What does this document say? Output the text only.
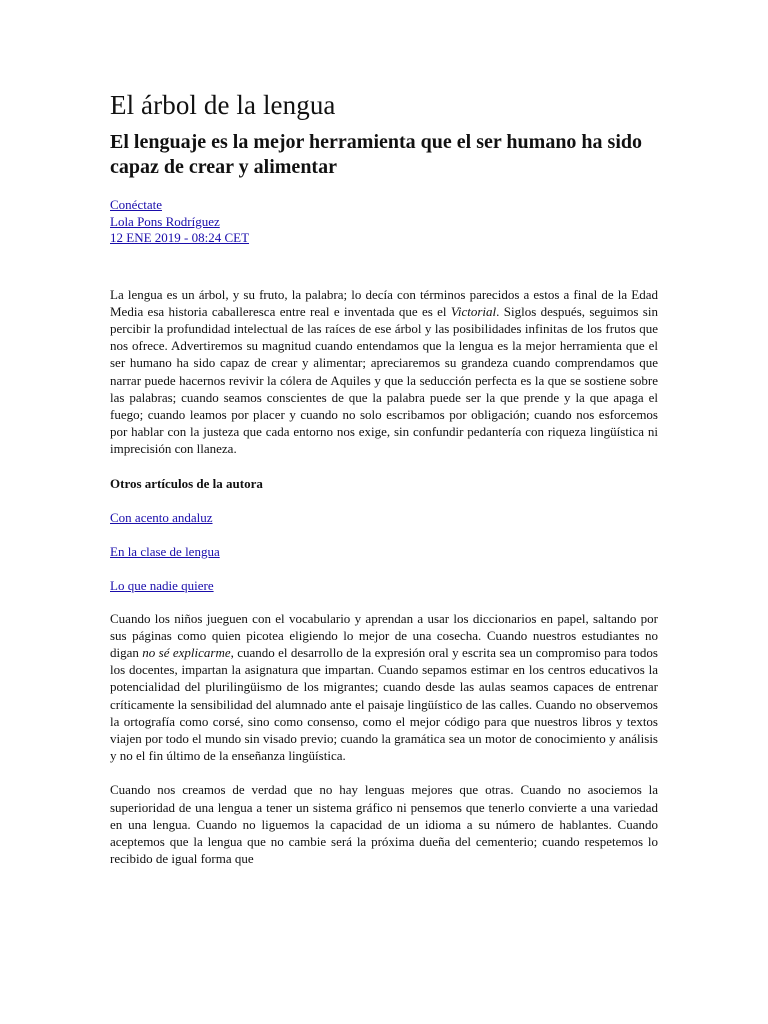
El árbol de la lengua
El lenguaje es la mejor herramienta que el ser humano ha sido capaz de crear y alimentar
Conéctate
Lola Pons Rodríguez
12 ENE 2019 - 08:24 CET

La lengua es un árbol, y su fruto, la palabra; lo decía con términos parecidos a estos a final de la Edad Media esa historia caballeresca entre real e inventada que es el Victorial. Siglos después, seguimos sin percibir la profundidad intelectual de las raíces de ese árbol y las posibilidades infinitas de los frutos que nos ofrece. Advertiremos su magnitud cuando entendamos que la lengua es la mejor herramienta que el ser humano ha sido capaz de crear y alimentar; apreciaremos su grandeza cuando comprendamos que narrar puede hacernos revivir la cólera de Aquiles y que la seducción perfecta es la que se sostiene sobre las palabras; cuando seamos conscientes de que la palabra puede ser la que prende y la que apaga el fuego; cuando leamos por placer y cuando no solo escribamos por obligación; cuando nos esforcemos por hablar con la justeza que cada entorno nos exige, sin confundir pedantería con riqueza lingüística ni imprecisión con llaneza.

Otros artículos de la autora
Con acento andaluz
En la clase de lengua
Lo que nadie quiere

Cuando los niños jueguen con el vocabulario y aprendan a usar los diccionarios en papel, saltando por sus páginas como quien picotea eligiendo lo mejor de una cosecha. Cuando nuestros estudiantes no digan no sé explicarme, cuando el desarrollo de la expresión oral y escrita sea un compromiso para todos los docentes, impartan la asignatura que impartan. Cuando sepamos estimar en los centros educativos la potencialidad del plurilingüismo de los migrantes; cuando desde las aulas seamos capaces de entrenar críticamente la sensibilidad del alumnado ante el paisaje lingüístico de las calles. Cuando no observemos la ortografía como corsé, sino como consenso, como el mejor código para que nuestros libros y textos viajen por todo el mundo sin visado previo; cuando la gramática sea un motor de conocimiento y análisis y no el fin último de la enseñanza lingüística.

Cuando nos creamos de verdad que no hay lenguas mejores que otras. Cuando no asociemos la superioridad de una lengua a tener un sistema gráfico ni pensemos que tenerlo convierte a una variedad en una lengua. Cuando no liguemos la capacidad de un idioma a su número de hablantes. Cuando aceptemos que la lengua que no cambie será la próxima dueña del cementerio; cuando respetemos lo recibido de igual forma que
